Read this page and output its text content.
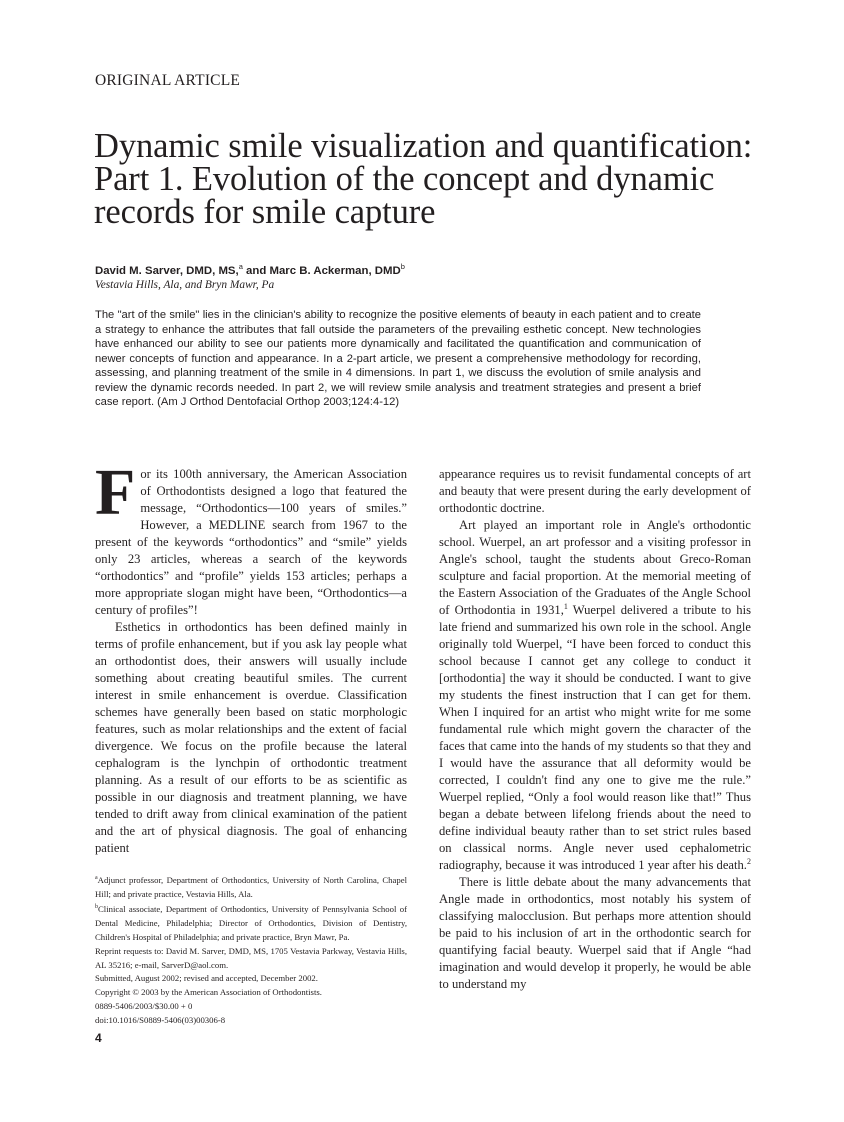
ORIGINAL ARTICLE
Dynamic smile visualization and quantification: Part 1. Evolution of the concept and dynamic records for smile capture
David M. Sarver, DMD, MS,$^a$ and Marc B. Ackerman, DMD$^b$
Vestavia Hills, Ala, and Bryn Mawr, Pa

The "art of the smile" lies in the clinician's ability to recognize the positive elements of beauty in each patient and to create a strategy to enhance the attributes that fall outside the parameters of the prevailing esthetic concept. New technologies have enhanced our ability to see our patients more dynamically and facilitated the quantification and communication of newer concepts of function and appearance. In a 2-part article, we present a comprehensive methodology for recording, assessing, and planning treatment of the smile in 4 dimensions. In part 1, we discuss the evolution of smile analysis and review the dynamic records needed. In part 2, we will review smile analysis and treatment strategies and present a brief case report. (Am J Orthod Dentofacial Orthop 2003;124:4-12)

For its 100th anniversary, the American Association of Orthodontists designed a logo that featured the message, “Orthodontics—100 years of smiles.” However, a MEDLINE search from 1967 to the present of the keywords “orthodontics” and “smile” yields only 23 articles, whereas a search of the keywords “orthodontics” and “profile” yields 153 articles; perhaps a more appropriate slogan might have been, “Orthodontics—a century of profiles”!

Esthetics in orthodontics has been defined mainly in terms of profile enhancement, but if you ask lay people what an orthodontist does, their answers will usually include something about creating beautiful smiles. The current interest in smile enhancement is overdue. Classification schemes have generally been based on static morphologic features, such as molar relationships and the extent of facial divergence. We focus on the profile because the lateral cephalogram is the lynchpin of orthodontic treatment planning. As a result of our efforts to be as scientific as possible in our diagnosis and treatment planning, we have tended to drift away from clinical examination of the patient and the art of physical diagnosis. The goal of enhancing patient

$^a$Adjunct professor, Department of Orthodontics, University of North Carolina, Chapel Hill; and private practice, Vestavia Hills, Ala.

$^b$Clinical associate, Department of Orthodontics, University of Pennsylvania School of Dental Medicine, Philadelphia; Director of Orthodontics, Division of Dentistry, Children's Hospital of Philadelphia; and private practice, Bryn Mawr, Pa.

Reprint requests to: David M. Sarver, DMD, MS, 1705 Vestavia Parkway, Vestavia Hills, AL 35216; e-mail, SarverD@aol.com.

Submitted, August 2002; revised and accepted, December 2002.

Copyright © 2003 by the American Association of Orthodontists.

0889-5406/2003/$30.00 + 0

doi:10.1016/S0889-5406(03)00306-8

appearance requires us to revisit fundamental concepts of art and beauty that were present during the early development of orthodontic doctrine.

Art played an important role in Angle's orthodontic school. Wuerpel, an art professor and a visiting professor in Angle's school, taught the students about Greco-Roman sculpture and facial proportion. At the memorial meeting of the Eastern Association of the Graduates of the Angle School of Orthodontia in 1931,$^1$ Wuerpel delivered a tribute to his late friend and summarized his own role in the school. Angle originally told Wuerpel, “I have been forced to conduct this school because I cannot get any college to conduct it [orthodontia] the way it should be conducted. I want to give my students the finest instruction that I can get for them. When I inquired for an artist who might write for me some fundamental rule which might govern the character of the faces that came into the hands of my students so that they and I would have the assurance that all deformity would be corrected, I couldn't find any one to give me the rule.” Wuerpel replied, “Only a fool would reason like that!” Thus began a debate between lifelong friends about the need to define individual beauty rather than to set strict rules based on classical norms. Angle never used cephalometric radiography, because it was introduced 1 year after his death.$^2$

There is little debate about the many advancements that Angle made in orthodontics, most notably his system of classifying malocclusion. But perhaps more attention should be paid to his inclusion of art in the orthodontic search for quantifying facial beauty. Wuerpel said that if Angle “had imagination and would develop it properly, he would be able to understand my

4
